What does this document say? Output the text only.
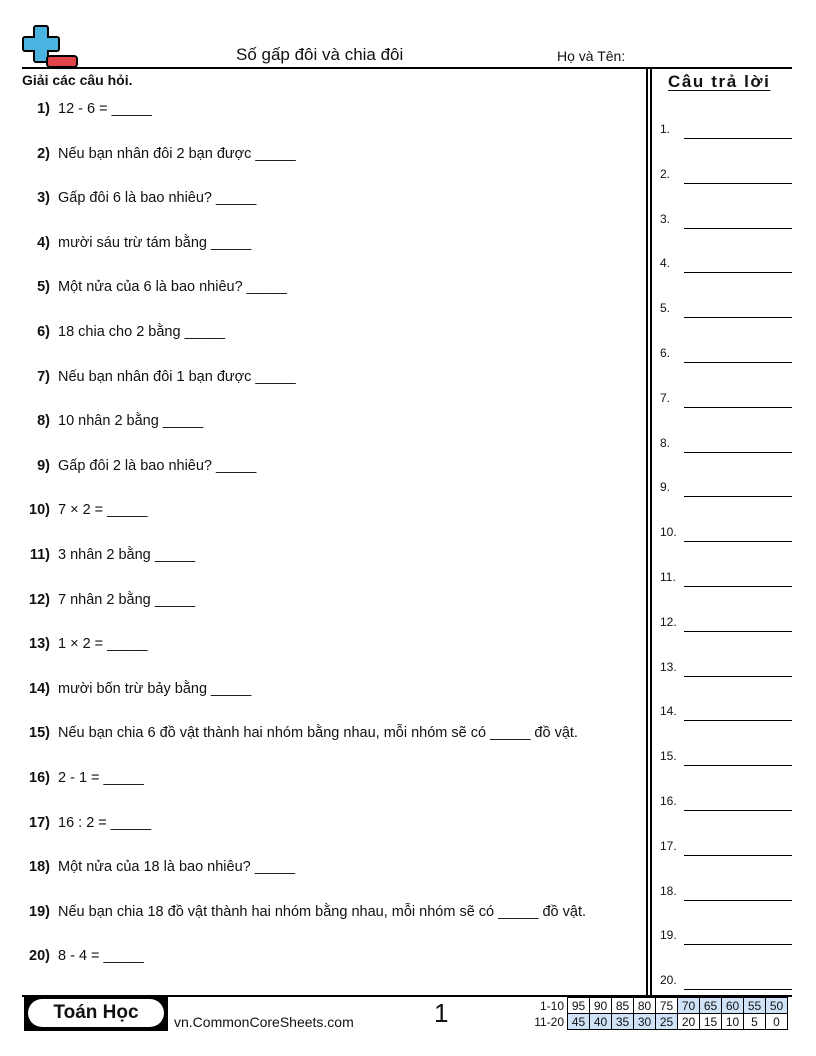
Số gấp đôi và chia đôi	Họ và Tên:
Giải các câu hỏi.
1) 12 - 6 = _____
2) Nếu bạn nhân đôi 2 bạn được _____
3) Gấp đôi 6 là bao nhiêu? _____
4) mười sáu trừ tám bằng _____
5) Một nửa của 6 là bao nhiêu? _____
6) 18 chia cho 2 bằng _____
7) Nếu bạn nhân đôi 1 bạn được _____
8) 10 nhân 2 bằng _____
9) Gấp đôi 2 là bao nhiêu? _____
10) 7 × 2 = _____
11) 3 nhân 2 bằng _____
12) 7 nhân 2 bằng _____
13) 1 × 2 = _____
14) mười bốn trừ bảy bằng _____
15) Nếu bạn chia 6 đồ vật thành hai nhóm bằng nhau, mỗi nhóm sẽ có _____ đồ vật.
16) 2 - 1 = _____
17) 16 : 2 = _____
18) Một nửa của 18 là bao nhiêu? _____
19) Nếu bạn chia 18 đồ vật thành hai nhóm bằng nhau, mỗi nhóm sẽ có _____ đồ vật.
20) 8 - 4 = _____
Câu trả lời
1.
2.
3.
4.
5.
6.
7.
8.
9.
10.
11.
12.
13.
14.
15.
16.
17.
18.
19.
20.
Toán Học	vn.CommonCoreSheets.com	1	1-10	95	90	85	80	75	70	65	60	55	50
11-20	45	40	35	30	25	20	15	10	5	0
